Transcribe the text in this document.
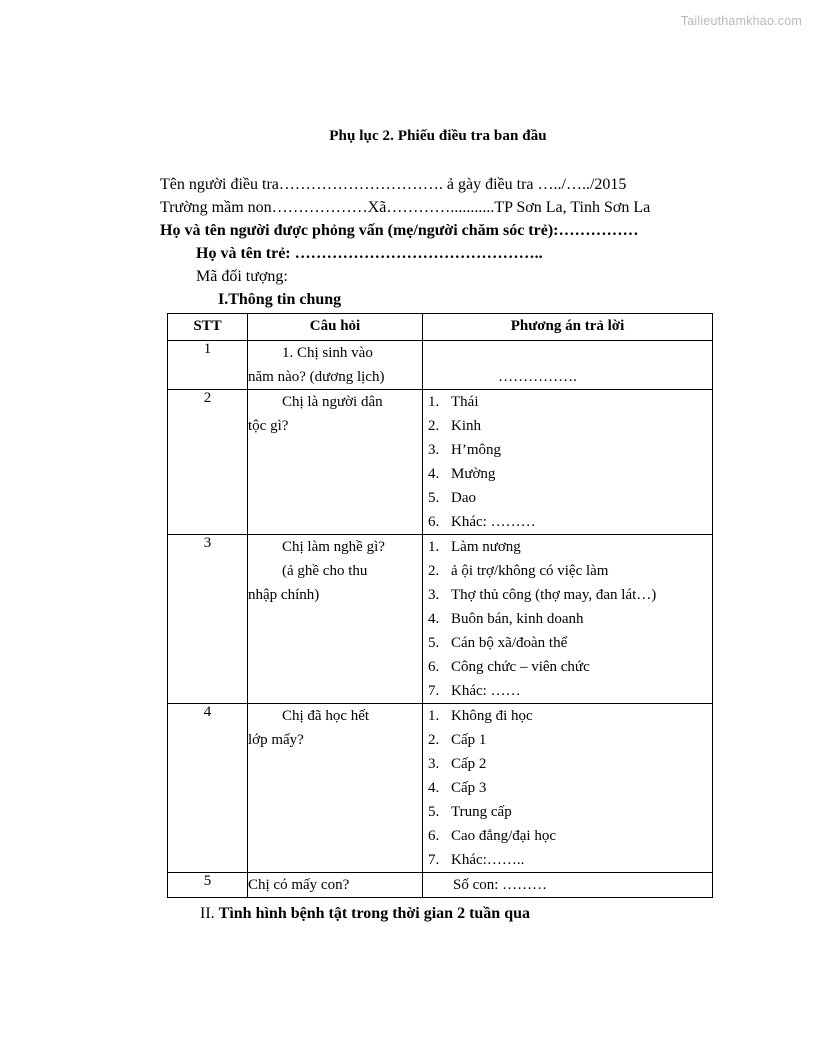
Tailieuthamkhao.com
Phụ lục 2. Phiếu điều tra ban đầu
Tên người điều tra…………………………. ả gày điều tra …../…../2015
Trường mầm non………………Xã…………...........TP Sơn La, Tinh Sơn La
Họ và tên người được phỏng vấn (mẹ/người chăm sóc trẻ):……………
Họ và tên trẻ: ………………………………………..
Mã đối tượng:
I.Thông tin chung
STT	Câu hỏi	Phương án trả lời
1	1. Chị sinh vào
năm nào? (dương lịch)	…………….

2	Chị là người dân
tộc gì?

1. Thái
2. Kinh
3. H’mông
4. Mường
5. Dao
6. Khác: ………

3	Chị làm nghề gì?
(ả ghề cho thu
nhập chính)

1. Làm nương
2. ả ội trợ/không có việc làm
3. Thợ thủ công (thợ may, đan lát…)
4. Buôn bán, kinh doanh
5. Cán bộ xã/đoàn thể
6. Công chức – viên chức
7. Khác: ……

4	Chị đã học hết
lớp mấy?

1. Không đi học
2. Cấp 1
3. Cấp 2
4. Cấp 3
5. Trung cấp
6. Cao đẳng/đại học
7. Khác:……..

5	Chị có mấy con?	Số con: ………
II. Tình hình bệnh tật trong thời gian 2 tuần qua
